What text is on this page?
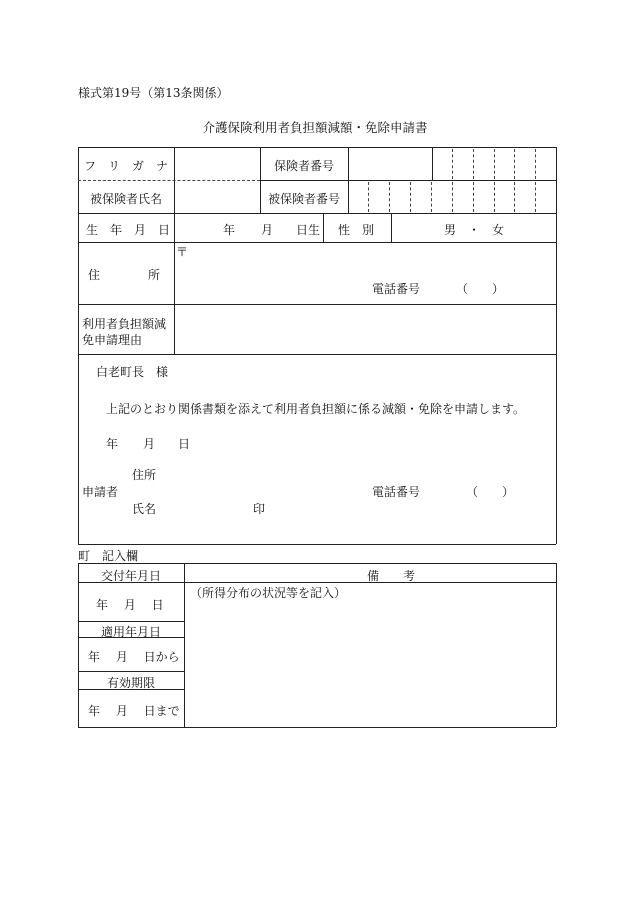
様式第19号（第13条関係）
介護保険利用者負担額減額・免除申請書
フ　リ　ガ　ナ	保険者番号
被保険者氏名	被保険者番号
生　年　月　日	年 月 日生 性　別	男　・　女
住　　　　所
〒
電話番号	（　　）
利用者負担額減
免申請理由
白老町長　様
上記のとおり関係書類を添えて利用者負担額に係る減額・免除を申請します。
年 月 日
住所
申請者
氏名	印
電話番号	（　　）
町　記入欄
交付年月日	備　　考
年　 月　 日
（所得分布の状況等を記入）
適用年月日
年　 月　 日から
有効期限
年　 月　 日まで
